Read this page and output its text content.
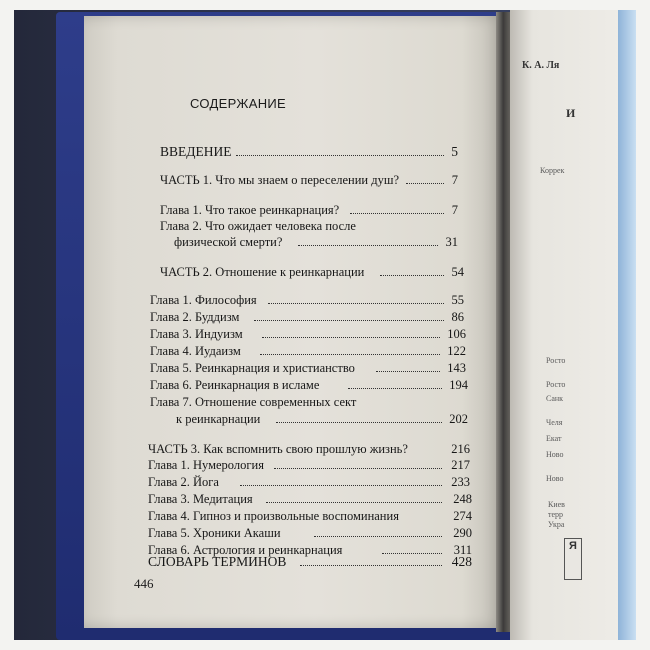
СОДЕРЖАНИЕ
ВВЕДЕНИЕ	5
ЧАСТЬ 1. Что мы знаем о переселении душ?	7
Глава 1. Что такое реинкарнация?	7
Глава 2. Что ожидает человека после
физической смерти?	31
ЧАСТЬ 2. Отношение к реинкарнации	54
Глава 1. Философия	55
Глава 2. Буддизм	86
Глава 3. Индуизм	106
Глава 4. Иудаизм	122
Глава 5. Реинкарнация и христианство	143
Глава 6. Реинкарнация в исламе	194
Глава 7. Отношение современных сект
к реинкарнации	202
ЧАСТЬ 3. Как вспомнить свою прошлую жизнь?	216
Глава 1. Нумерология	217
Глава 2. Йога	233
Глава 3. Медитация	248
Глава 4. Гипноз и произвольные воспоминания	274
Глава 5. Хроники Акаши	290
Глава 6. Астрология и реинкарнация	311
СЛОВАРЬ ТЕРМИНОВ	428
446
К. А. Ля
И
Коррек
Росто
Росто
Санк
Челя
Екат
Ново
Ново
Киев
терр
Укра
Я
